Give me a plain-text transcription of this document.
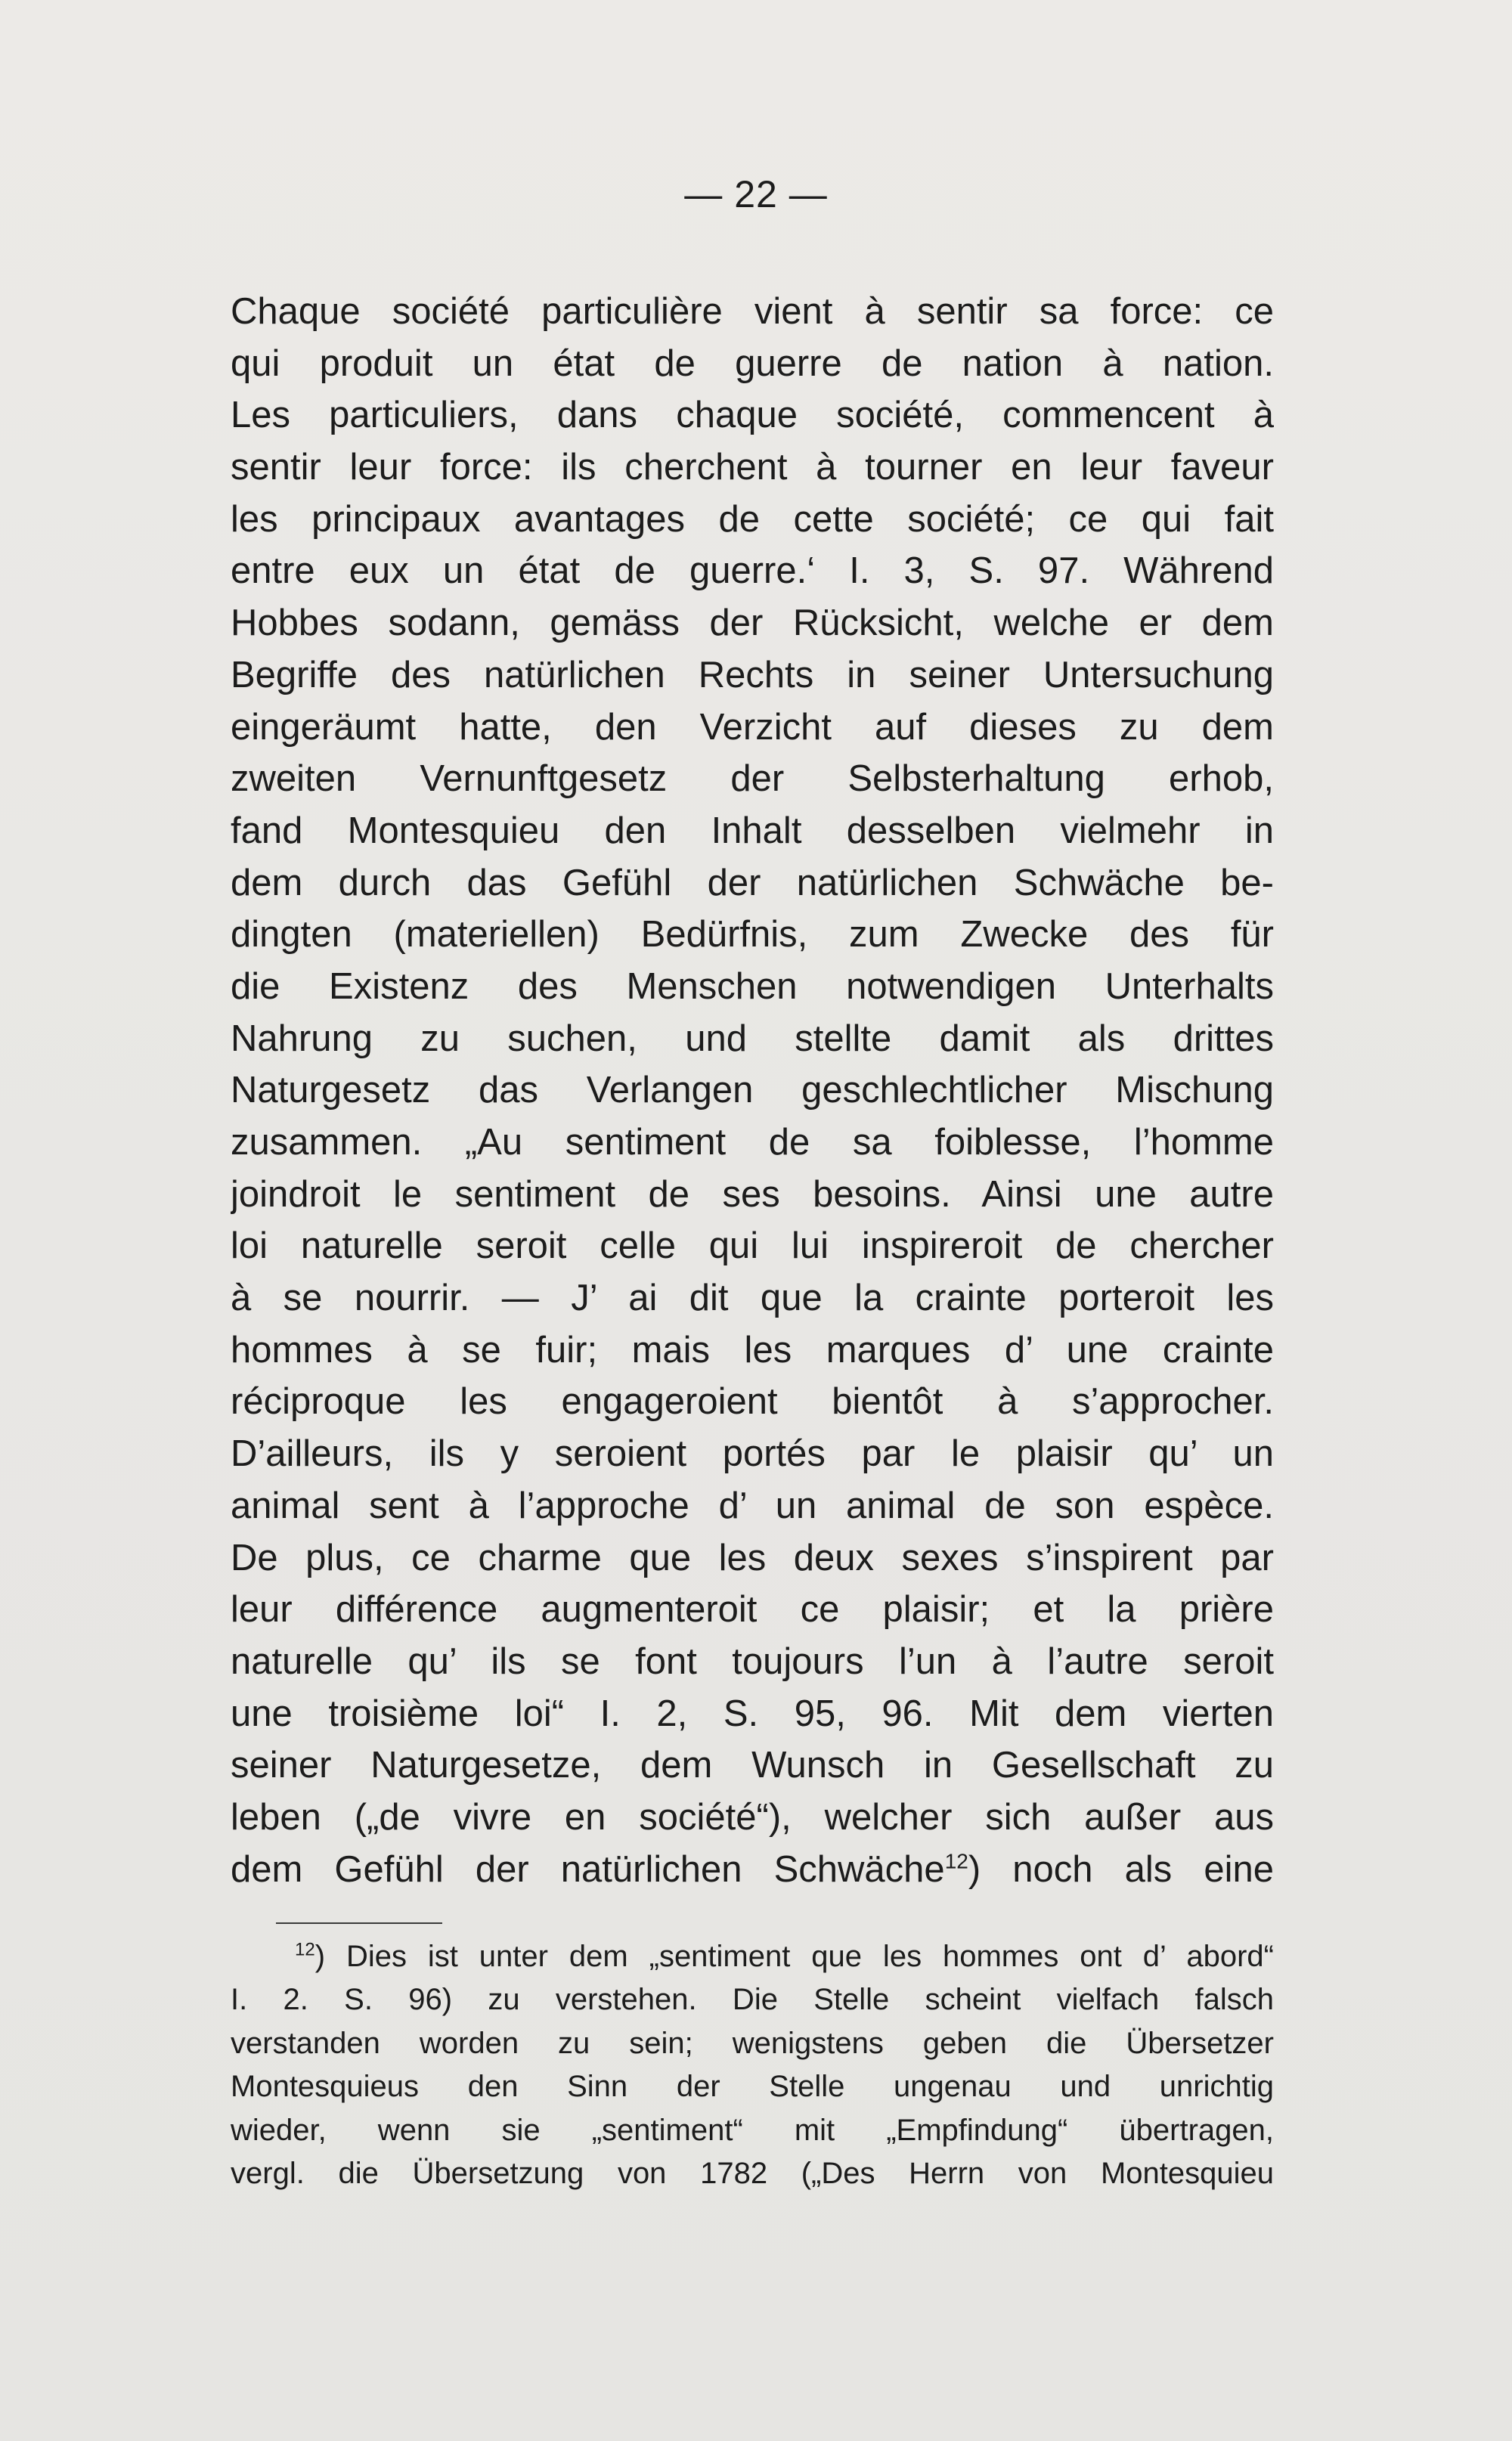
— 22 —
Chaque société particulière vient à sentir sa force: ce
qui produit un état de guerre de nation à nation.
Les particuliers, dans chaque société, commencent à
sentir leur force: ils cherchent à tourner en leur faveur
les principaux avantages de cette société; ce qui fait
entre eux un état de guerre.‘ I. 3, S. 97. Während
Hobbes sodann, gemäss der Rücksicht, welche er dem
Begriffe des natürlichen Rechts in seiner Untersuchung
eingeräumt hatte, den Verzicht auf dieses zu dem
zweiten Vernunftgesetz der Selbsterhaltung erhob,
fand Montesquieu den Inhalt desselben vielmehr in
dem durch das Gefühl der natürlichen Schwäche be-
dingten (materiellen) Bedürfnis, zum Zwecke des für
die Existenz des Menschen notwendigen Unterhalts
Nahrung zu suchen, und stellte damit als drittes
Naturgesetz das Verlangen geschlechtlicher Mischung
zusammen. „Au sentiment de sa foiblesse, l’homme
joindroit le sentiment de ses besoins. Ainsi une autre
loi naturelle seroit celle qui lui inspireroit de chercher
à se nourrir. — J’ ai dit que la crainte porteroit les
hommes à se fuir; mais les marques d’ une crainte
réciproque les engageroient bientôt à s’approcher.
D’ailleurs, ils y seroient portés par le plaisir qu’ un
animal sent à l’approche d’ un animal de son espèce.
De plus, ce charme que les deux sexes s’inspirent par
leur différence augmenteroit ce plaisir; et la prière
naturelle qu’ ils se font toujours l’un à l’autre seroit
une troisième loi“ I. 2, S. 95, 96. Mit dem vierten
seiner Naturgesetze, dem Wunsch in Gesellschaft zu
leben („de vivre en société“), welcher sich außer aus
dem Gefühl der natürlichen Schwäche$^{12}$) noch als eine
$^{12}$) Dies ist unter dem „sentiment que les hommes ont d’ abord“
I. 2. S. 96) zu verstehen. Die Stelle scheint vielfach falsch
verstanden worden zu sein; wenigstens geben die Übersetzer
Montesquieus den Sinn der Stelle ungenau und unrichtig
wieder, wenn sie „sentiment“ mit „Empfindung“ übertragen,
vergl. die Übersetzung von 1782 („Des Herrn von Montesquieu
